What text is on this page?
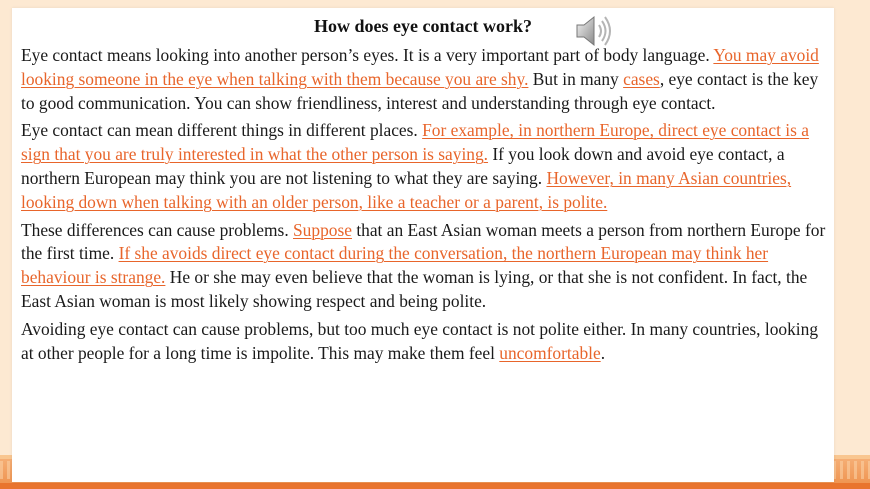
How does eye contact work?

Eye contact means looking into another person’s eyes. It is a very important part of body language. You may avoid looking someone in the eye when talking with them because you are shy. But in many cases, eye contact is the key to good communication. You can show friendliness, interest and understanding through eye contact.

Eye contact can mean different things in different places. For example, in northern Europe, direct eye contact is a sign that you are truly interested in what the other person is saying. If you look down and avoid eye contact, a northern European may think you are not listening to what they are saying. However, in many Asian countries, looking down when talking with an older person, like a teacher or a parent, is polite.

These differences can cause problems. Suppose that an East Asian woman meets a person from northern Europe for the first time. If she avoids direct eye contact during the conversation, the northern European may think her behaviour is strange. He or she may even believe that the woman is lying, or that she is not confident. In fact, the East Asian woman is most likely showing respect and being polite.

Avoiding eye contact can cause problems, but too much eye contact is not polite either. In many countries, looking at other people for a long time is impolite. This may make them feel uncomfortable.
